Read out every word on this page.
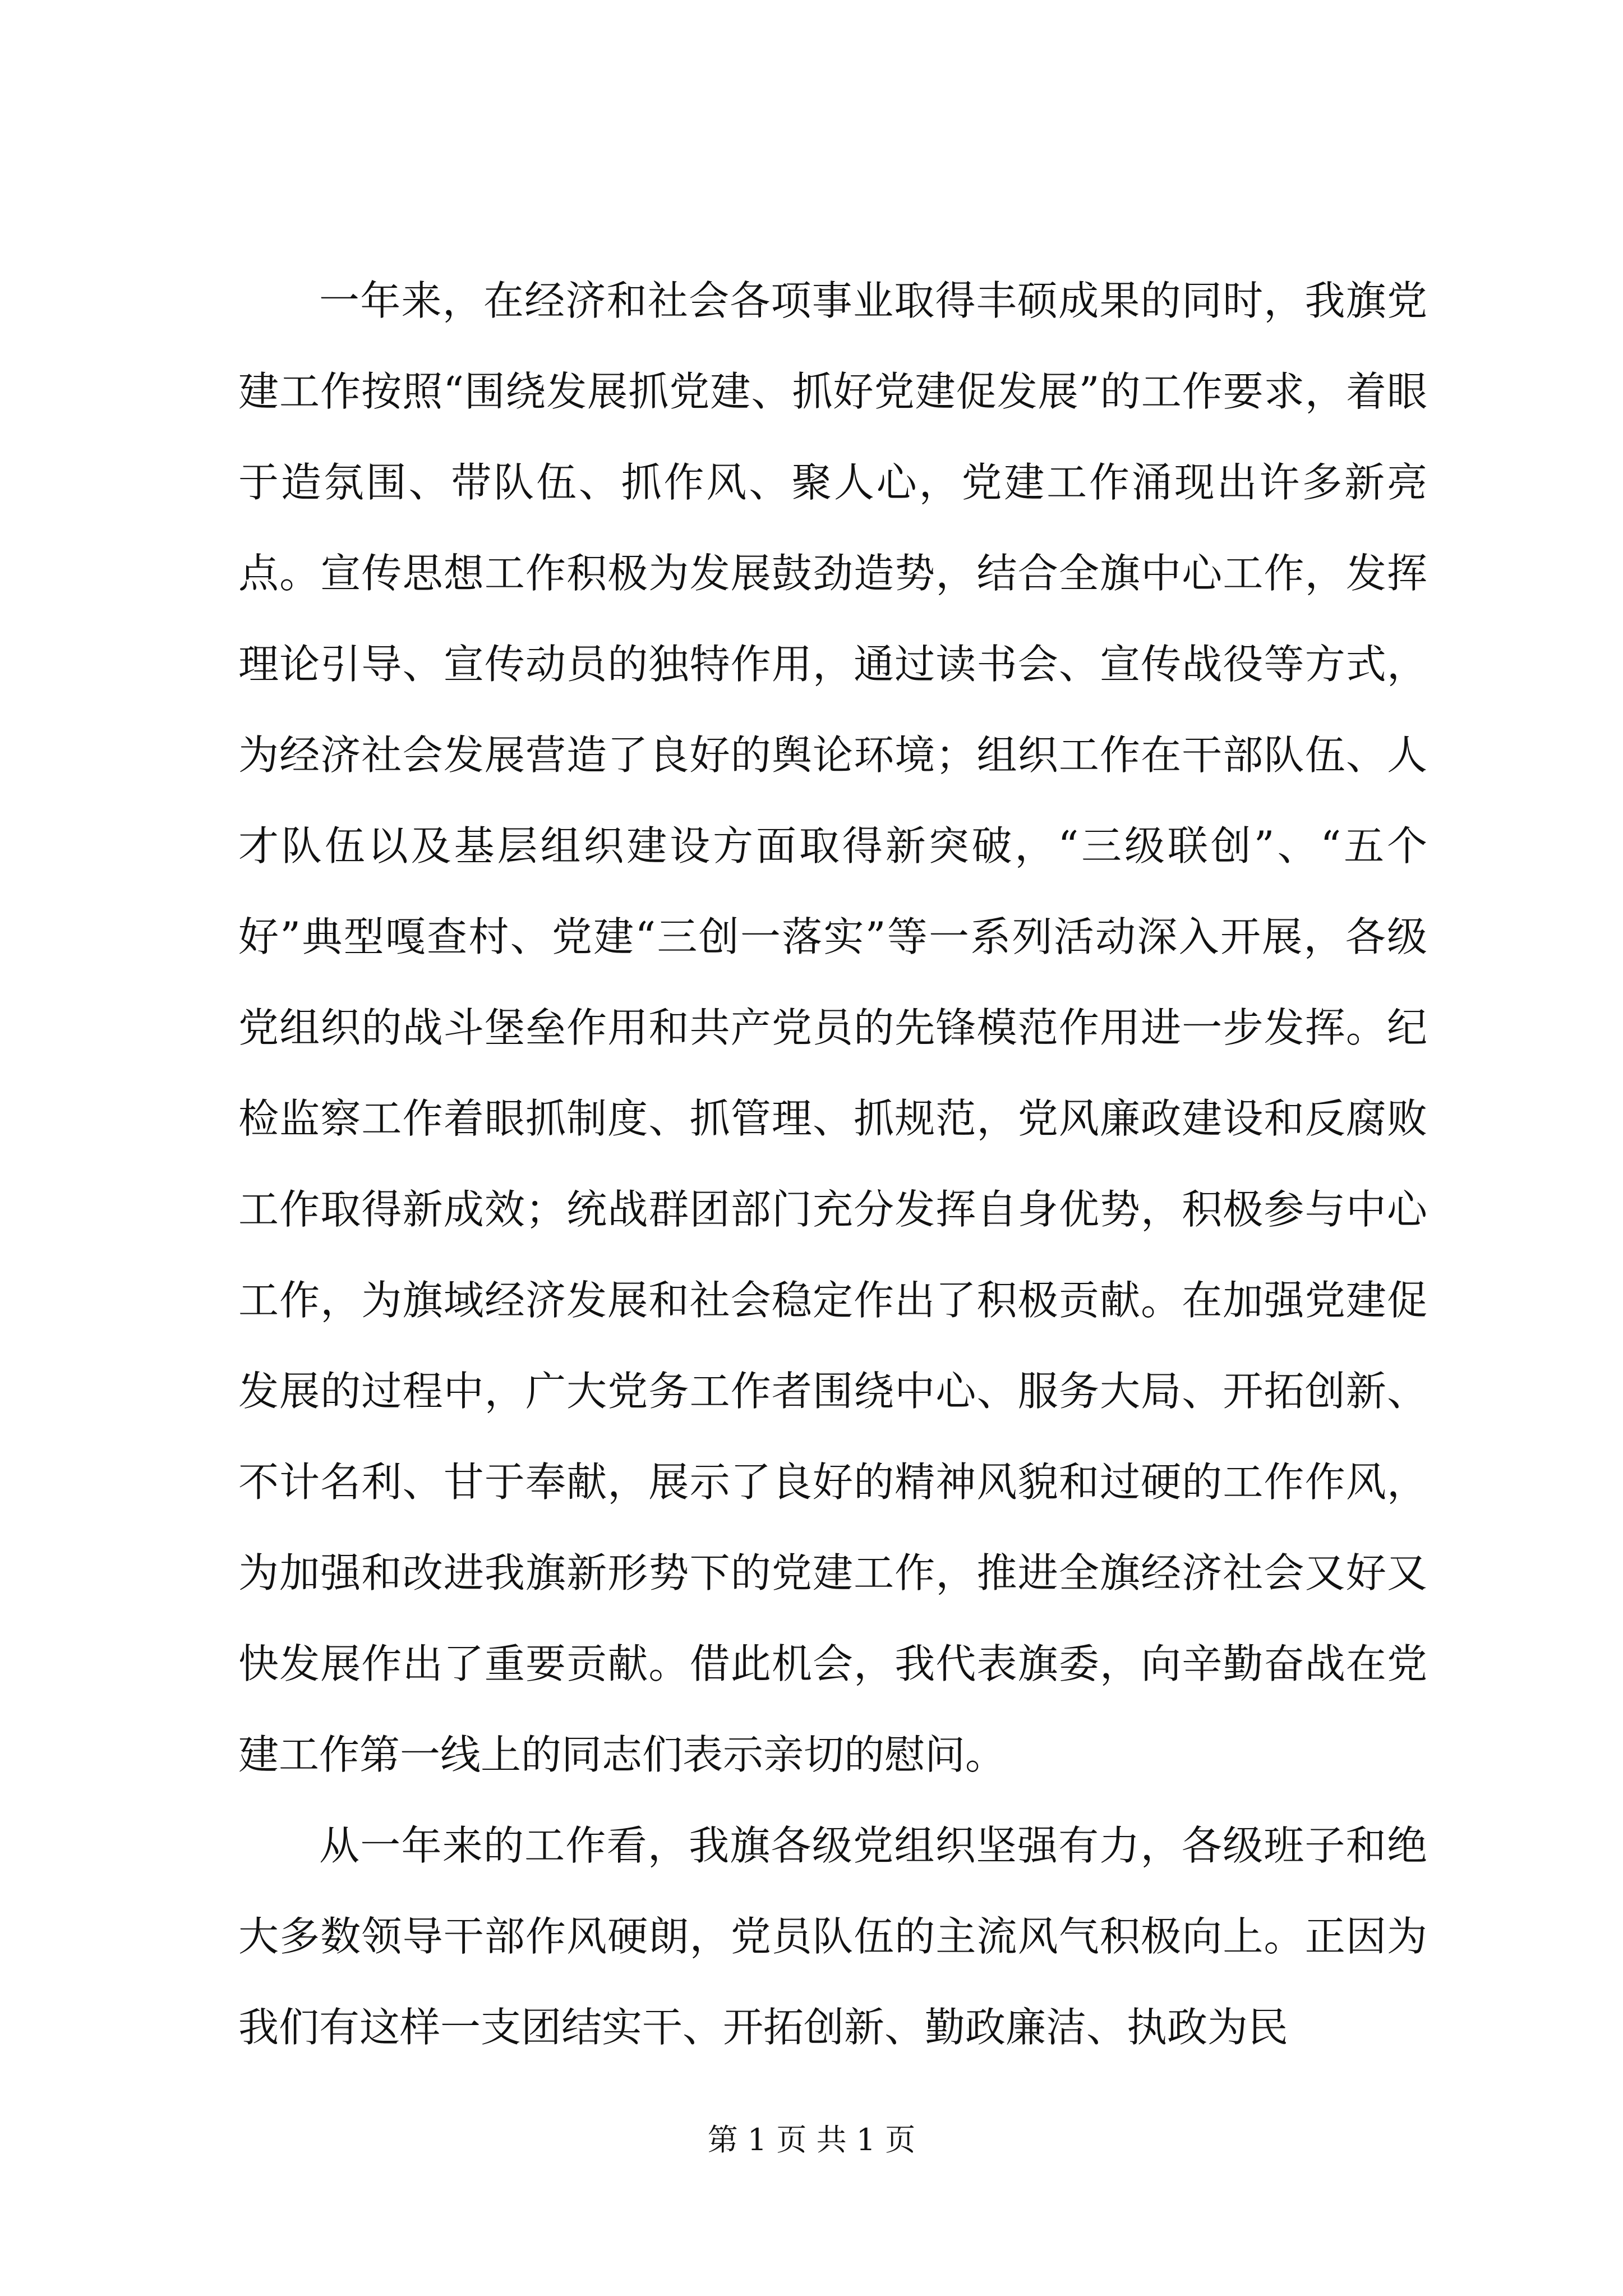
一年来，在经济和社会各项事业取得丰硕成果的同时，我旗党建工作按照“围绕发展抓党建、抓好党建促发展”的工作要求，着眼于造氛围、带队伍、抓作风、聚人心，党建工作涌现出许多新亮点。宣传思想工作积极为发展鼓劲造势，结合全旗中心工作，发挥理论引导、宣传动员的独特作用，通过读书会、宣传战役等方式，为经济社会发展营造了良好的舆论环境；组织工作在干部队伍、人才队伍以及基层组织建设方面取得新突破，“三级联创”、“五个好”典型嘎查村、党建“三创一落实”等一系列活动深入开展，各级党组织的战斗堡垒作用和共产党员的先锋模范作用进一步发挥。纪检监察工作着眼抓制度、抓管理、抓规范，党风廉政建设和反腐败工作取得新成效；统战群团部门充分发挥自身优势，积极参与中心工作，为旗域经济发展和社会稳定作出了积极贡献。在加强党建促发展的过程中，广大党务工作者围绕中心、服务大局、开拓创新、不计名利、甘于奉献，展示了良好的精神风貌和过硬的工作作风，为加强和改进我旗新形势下的党建工作，推进全旗经济社会又好又快发展作出了重要贡献。借此机会，我代表旗委，向辛勤奋战在党建工作第一线上的同志们表示亲切的慰问。

从一年来的工作看，我旗各级党组织坚强有力，各级班子和绝大多数领导干部作风硬朗，党员队伍的主流风气积极向上。正因为我们有这样一支团结实干、开拓创新、勤政廉洁、执政为民

第 1 页 共 1 页
